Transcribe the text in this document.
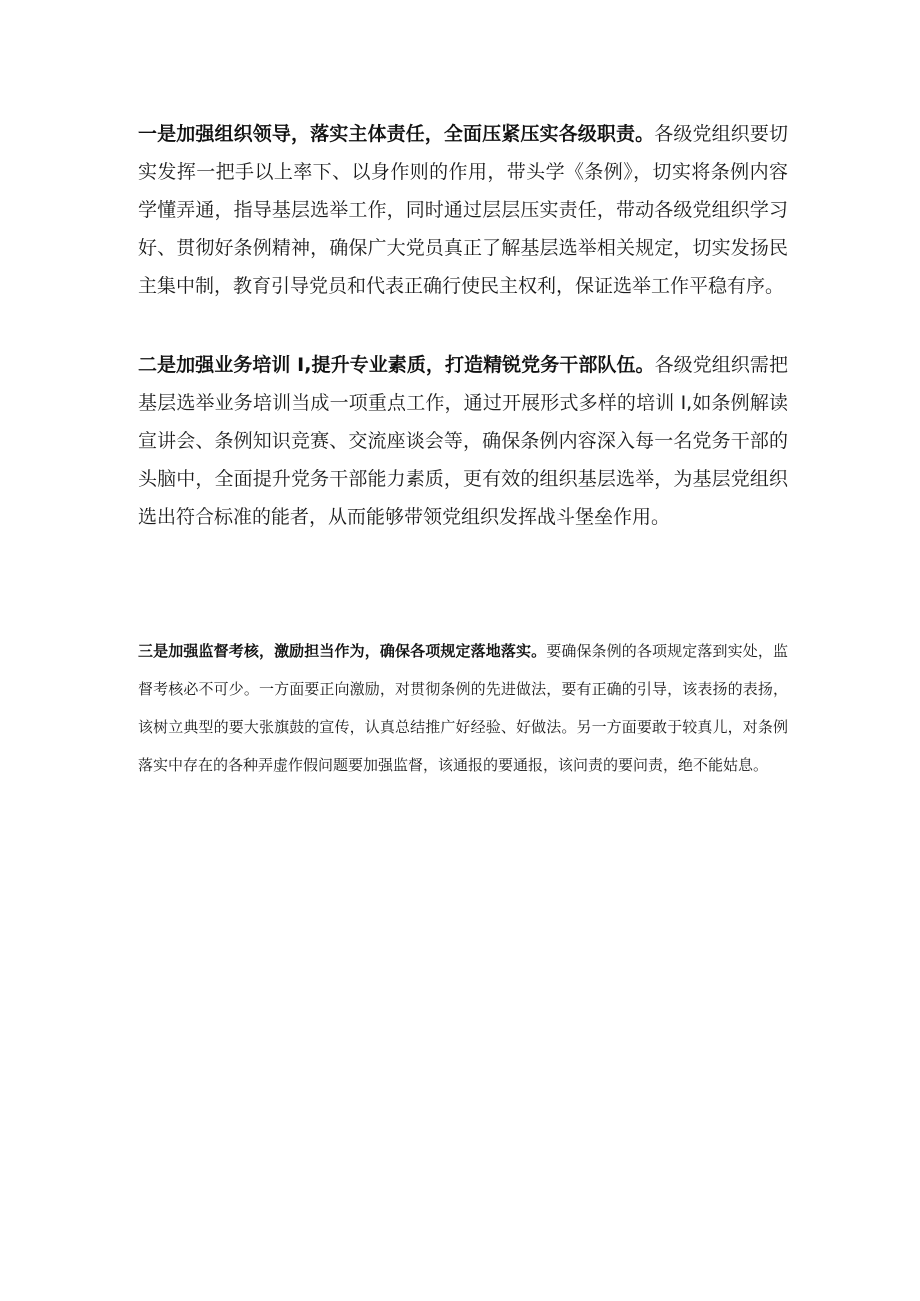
一是加强组织领导，落实主体责任，全面压紧压实各级职责。各级党组织要切实发挥一把手以上率下、以身作则的作用，带头学《条例》，切实将条例内容学懂弄通，指导基层选举工作，同时通过层层压实责任，带动各级党组织学习好、贯彻好条例精神，确保广大党员真正了解基层选举相关规定，切实发扬民主集中制，教育引导党员和代表正确行使民主权利，保证选举工作平稳有序。

二是加强业务培训 I,提升专业素质，打造精锐党务干部队伍。各级党组织需把基层选举业务培训当成一项重点工作，通过开展形式多样的培训 I,如条例解读宣讲会、条例知识竞赛、交流座谈会等，确保条例内容深入每一名党务干部的头脑中，全面提升党务干部能力素质，更有效的组织基层选举，为基层党组织选出符合标准的能者，从而能够带领党组织发挥战斗堡垒作用。

三是加强监督考核，激励担当作为，确保各项规定落地落实。要确保条例的各项规定落到实处，监督考核必不可少。一方面要正向激励，对贯彻条例的先进做法，要有正确的引导，该表扬的表扬，该树立典型的要大张旗鼓的宣传，认真总结推广好经验、好做法。另一方面要敢于较真儿，对条例落实中存在的各种弄虚作假问题要加强监督，该通报的要通报，该问责的要问责，绝不能姑息。
